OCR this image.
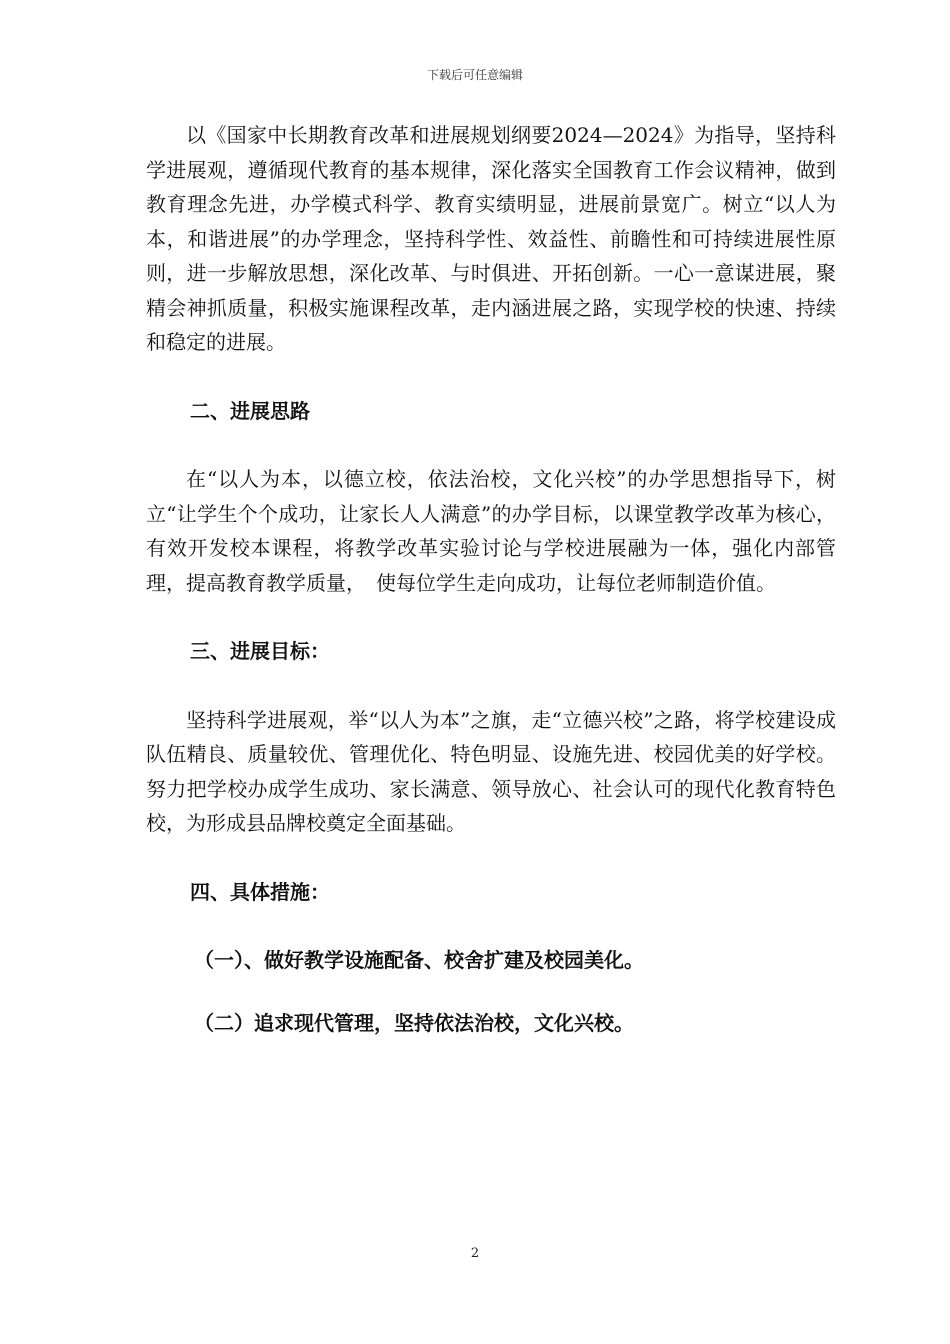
下载后可任意编辑

以《国家中长期教育改革和进展规划纲要2024—2024》为指导，坚持科学进展观，遵循现代教育的基本规律，深化落实全国教育工作会议精神，做到教育理念先进，办学模式科学、教育实绩明显，进展前景宽广。树立“以人为本，和谐进展”的办学理念，坚持科学性、效益性、前瞻性和可持续进展性原则，进一步解放思想，深化改革、与时俱进、开拓创新。一心一意谋进展，聚精会神抓质量，积极实施课程改革，走内涵进展之路，实现学校的快速、持续和稳定的进展。

二、进展思路

在“以人为本，以德立校，依法治校，文化兴校”的办学思想指导下，树立“让学生个个成功，让家长人人满意”的办学目标，以课堂教学改革为核心，有效开发校本课程，将教学改革实验讨论与学校进展融为一体，强化内部管理，提高教育教学质量，　使每位学生走向成功，让每位老师制造价值。

三、进展目标：

坚持科学进展观，举“以人为本”之旗，走“立德兴校”之路，将学校建设成队伍精良、质量较优、管理优化、特色明显、设施先进、校园优美的好学校。努力把学校办成学生成功、家长满意、领导放心、社会认可的现代化教育特色校，为形成县品牌校奠定全面基础。

四、具体措施：
（一）、做好教学设施配备、校舍扩建及校园美化。
（二）追求现代管理，坚持依法治校，文化兴校。
2
